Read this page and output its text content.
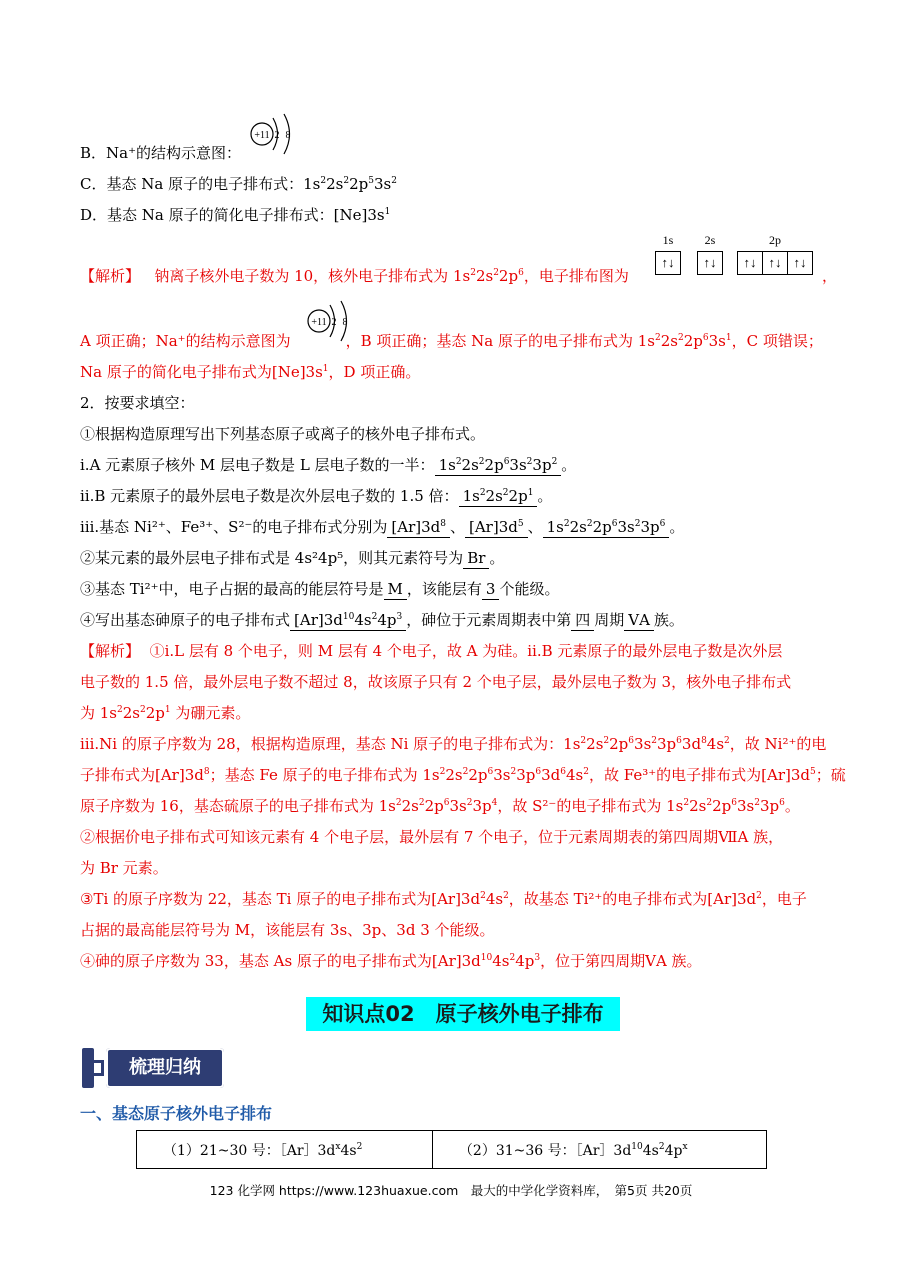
B．Na⁺的结构示意图：
+11 2 8
C．基态 Na 原子的电子排布式：$1s^22s^22p^53s^2$
D．基态 Na 原子的简化电子排布式：$[Ne]3s^1$
【解析】 钠离子核外电子数为 10，核外电子排布式为 $1s^22s^22p^6$，电子排布图为
1s
↑↓
2s
↑↓
2p
↑↓ ↑↓ ↑↓
，
+11 2 8
A 项正确；Na⁺的结构示意图为	，B 项正确；基态 Na 原子的电子排布式为 $1s^22s^22p^63s^1$，C 项错误；
Na 原子的简化电子排布式为$[Ne]3s^1$，D 项正确。
2．按要求填空：
①根据构造原理写出下列基态原子或离子的核外电子排布式。
ⅰ.A 元素原子核外 M 层电子数是 L 层电子数的一半： $1s^22s^22p^63s^23p^2$ 。
ⅱ.B 元素原子的最外层电子数是次外层电子数的 1.5 倍： $1s^22s^22p^1$ 。
ⅲ.基态 Ni²⁺、Fe³⁺、S²⁻的电子排布式分别为 $[Ar]3d^8$ 、 $[Ar]3d^5$ 、 $1s^22s^22p^63s^23p^6$ 。
②某元素的最外层电子排布式是 4s²4p⁵，则其元素符号为 Br 。
③基态 Ti²⁺中，电子占据的最高的能层符号是 M ，该能层有 3 个能级。
④写出基态砷原子的电子排布式 $[Ar]3d^{10}4s^24p^3$ ，砷位于元素周期表中第 四 周期 ⅤA 族。
【解析】 ①ⅰ.L 层有 8 个电子，则 M 层有 4 个电子，故 A 为硅。ⅱ.B 元素原子的最外层电子数是次外层
电子数的 1.5 倍，最外层电子数不超过 8，故该原子只有 2 个电子层，最外层电子数为 3，核外电子排布式
为 $1s^22s^22p^1$ 为硼元素。
ⅲ.Ni 的原子序数为 28，根据构造原理，基态 Ni 原子的电子排布式为：$1s^22s^22p^63s^23p^63d^84s^2$，故 Ni²⁺的电
子排布式为$[Ar]3d^8$；基态 Fe 原子的电子排布式为 $1s^22s^22p^63s^23p^63d^64s^2$，故 Fe³⁺的电子排布式为$[Ar]3d^5$；硫
原子序数为 16，基态硫原子的电子排布式为 $1s^22s^22p^63s^23p^4$，故 S²⁻的电子排布式为 $1s^22s^22p^63s^23p^6$。
②根据价电子排布式可知该元素有 4 个电子层，最外层有 7 个电子，位于元素周期表的第四周期ⅦA 族，
为 Br 元素。
③Ti 的原子序数为 22，基态 Ti 原子的电子排布式为$[Ar]3d^24s^2$，故基态 Ti²⁺的电子排布式为$[Ar]3d^2$，电子
占据的最高能层符号为 M，该能层有 3s、3p、3d 3 个能级。
④砷的原子序数为 33，基态 As 原子的电子排布式为$[Ar]3d^{10}4s^24p^3$，位于第四周期ⅤA 族。
知识点02　原子核外电子排布
梳理归纳
一、基态原子核外电子排布
（1）21~30 号：$[Ar]3d^x4s^2$	（2）31~36 号：$[Ar]3d^{10}4s^24p^x$
123 化学网 https://www.123huaxue.com　最大的中学化学资料库，　第5页 共20页
